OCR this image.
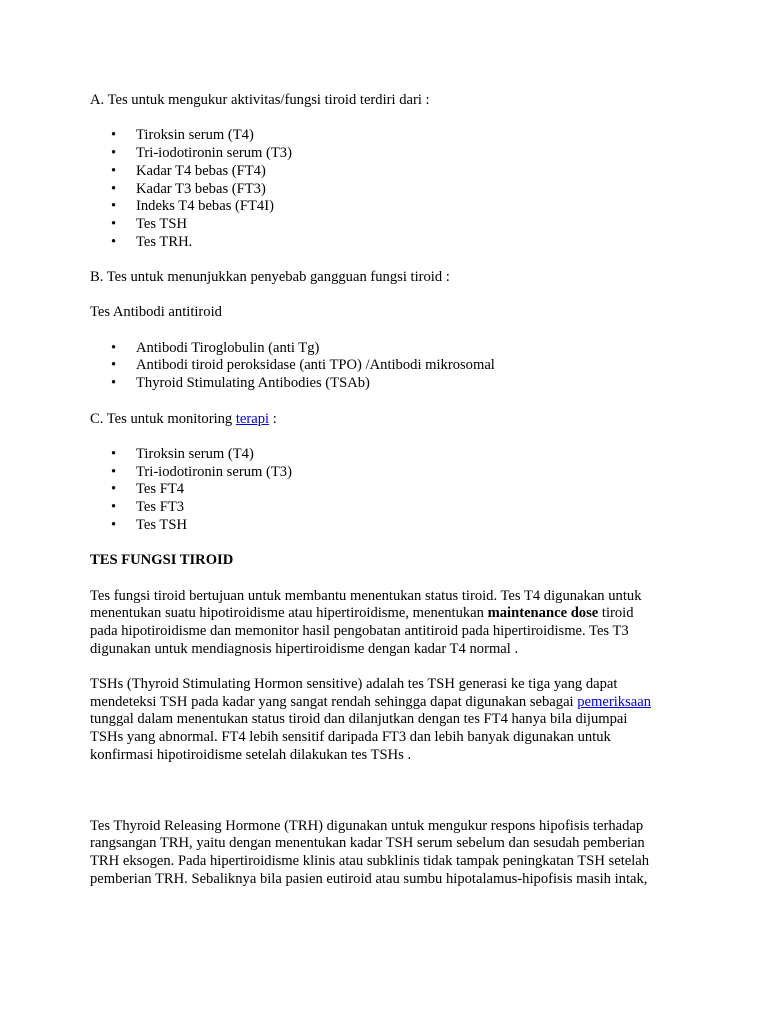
A. Tes untuk mengukur aktivitas/fungsi tiroid terdiri dari :

• Tiroksin serum (T4)
• Tri-iodotironin serum (T3)
• Kadar T4 bebas (FT4)
• Kadar T3 bebas (FT3)
• Indeks T4 bebas (FT4I)
• Tes TSH
• Tes TRH.

B. Tes untuk menunjukkan penyebab gangguan fungsi tiroid :

Tes Antibodi antitiroid

• Antibodi Tiroglobulin (anti Tg)
• Antibodi tiroid peroksidase (anti TPO) /Antibodi mikrosomal
• Thyroid Stimulating Antibodies (TSAb)

C. Tes untuk monitoring terapi :

• Tiroksin serum (T4)
• Tri-iodotironin serum (T3)
• Tes FT4
• Tes FT3
• Tes TSH

TES FUNGSI TIROID

Tes fungsi tiroid bertujuan untuk membantu menentukan status tiroid. Tes T4 digunakan untuk

menentukan suatu hipotiroidisme atau hipertiroidisme, menentukan maintenance dose tiroid

pada hipotiroidisme dan memonitor hasil pengobatan antitiroid pada hipertiroidisme. Tes T3

digunakan untuk mendiagnosis hipertiroidisme dengan kadar T4 normal .

TSHs (Thyroid Stimulating Hormon sensitive) adalah tes TSH generasi ke tiga yang dapat

mendeteksi TSH pada kadar yang sangat rendah sehingga dapat digunakan sebagai pemeriksaan

tunggal dalam menentukan status tiroid dan dilanjutkan dengan tes FT4 hanya bila dijumpai

TSHs yang abnormal. FT4 lebih sensitif daripada FT3 dan lebih banyak digunakan untuk

konfirmasi hipotiroidisme setelah dilakukan tes TSHs .

Tes Thyroid Releasing Hormone (TRH) digunakan untuk mengukur respons hipofisis terhadap

rangsangan TRH, yaitu dengan menentukan kadar TSH serum sebelum dan sesudah pemberian

TRH eksogen. Pada hipertiroidisme klinis atau subklinis tidak tampak peningkatan TSH setelah

pemberian TRH. Sebaliknya bila pasien eutiroid atau sumbu hipotalamus-hipofisis masih intak,
